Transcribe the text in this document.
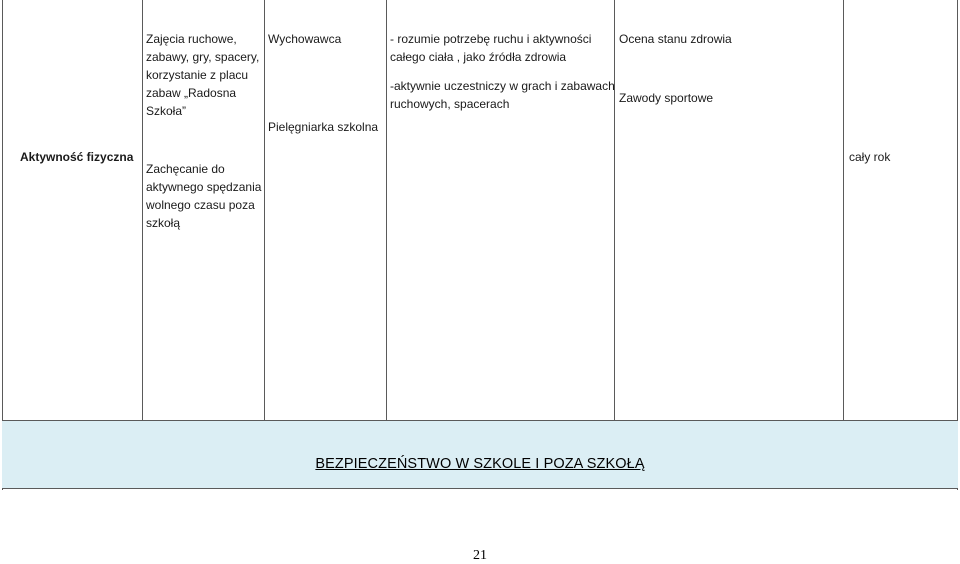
Aktywność fizyczna
Zajęcia ruchowe,
zabawy, gry, spacery,
korzystanie z placu
zabaw „Radosna
Szkoła”
Zachęcanie do
aktywnego spędzania
wolnego czasu poza
szkołą
Wychowawca
Pielęgniarka szkolna
- rozumie potrzebę ruchu i aktywności
całego ciała , jako źródła zdrowia
-aktywnie uczestniczy w grach i zabawach
ruchowych, spacerach
Ocena stanu zdrowia
Zawody sportowe
cały rok
BEZPIECZEŃSTWO W SZKOLE I POZA SZKOŁĄ
21
